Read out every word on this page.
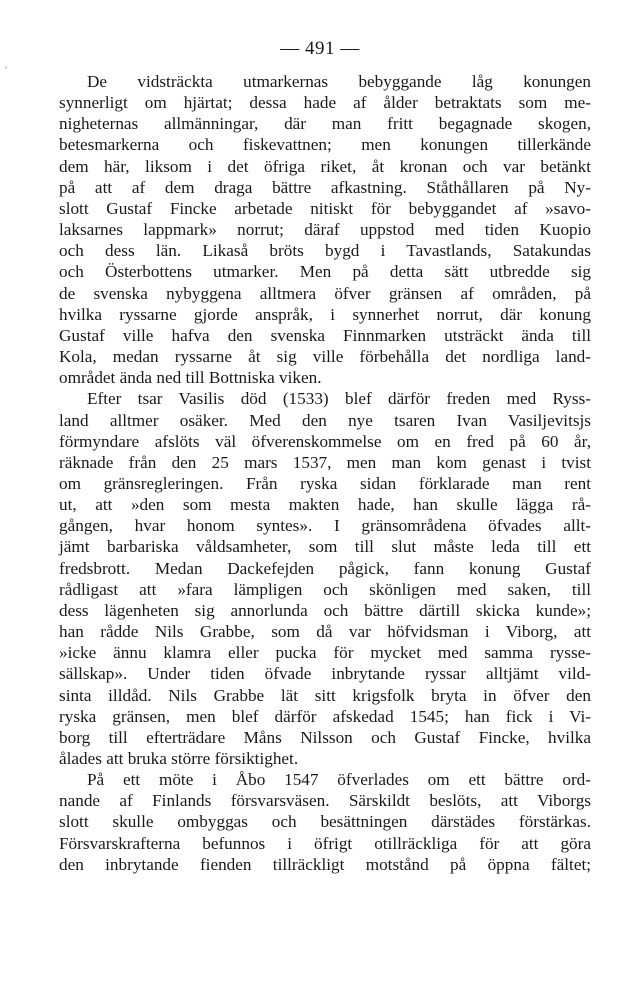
ˌ
— 491 —
De vidsträckta utmarkernas bebyggande låg konungen
synnerligt om hjärtat; dessa hade af ålder betraktats som me-
nigheternas allmänningar, där man fritt begagnade skogen,
betesmarkerna och fiskevattnen; men konungen tillerkände
dem här, liksom i det öfriga riket, åt kronan och var betänkt
på att af dem draga bättre afkastning. Ståthållaren på Ny-
slott Gustaf Fincke arbetade nitiskt för bebyggandet af »savo-
laksarnes lappmark» norrut; däraf uppstod med tiden Kuopio
och dess län. Likaså bröts bygd i Tavastlands, Satakundas
och Österbottens utmarker. Men på detta sätt utbredde sig
de svenska nybyggena alltmera öfver gränsen af områden, på
hvilka ryssarne gjorde anspråk, i synnerhet norrut, där konung
Gustaf ville hafva den svenska Finnmarken utsträckt ända till
Kola, medan ryssarne åt sig ville förbehålla det nordliga land-
området ända ned till Bottniska viken.
Efter tsar Vasilis död (1533) blef därför freden med Ryss-
land alltmer osäker. Med den nye tsaren Ivan Vasiljevitsjs
förmyndare afslöts väl öfverenskommelse om en fred på 60 år,
räknade från den 25 mars 1537, men man kom genast i tvist
om gränsregleringen. Från ryska sidan förklarade man rent
ut, att »den som mesta makten hade, han skulle lägga rå-
gången, hvar honom syntes». I gränsområdena öfvades allt-
jämt barbariska våldsamheter, som till slut måste leda till ett
fredsbrott. Medan Dackefejden pågick, fann konung Gustaf
rådligast att »fara lämpligen och skönligen med saken, till
dess lägenheten sig annorlunda och bättre därtill skicka kunde»;
han rådde Nils Grabbe, som då var höfvidsman i Viborg, att
»icke ännu klamra eller pucka för mycket med samma ryssе-
sällskap». Under tiden öfvade inbrytande ryssar alltjämt vild-
sinta illdåd. Nils Grabbe lät sitt krigsfolk bryta in öfver den
ryska gränsen, men blef därför afskedad 1545; han fick i Vi-
borg till efterträdare Måns Nilsson och Gustaf Fincke, hvilka
ålades att bruka större försiktighet.
På ett möte i Åbo 1547 öfverlades om ett bättre ord-
nande af Finlands försvarsväsen. Särskildt beslöts, att Viborgs
slott skulle ombyggas och besättningen därstädes förstärkas.
Försvarskrafterna befunnos i öfrigt otillräckliga för att göra
den inbrytande fienden tillräckligt motstånd på öppna fältet;
